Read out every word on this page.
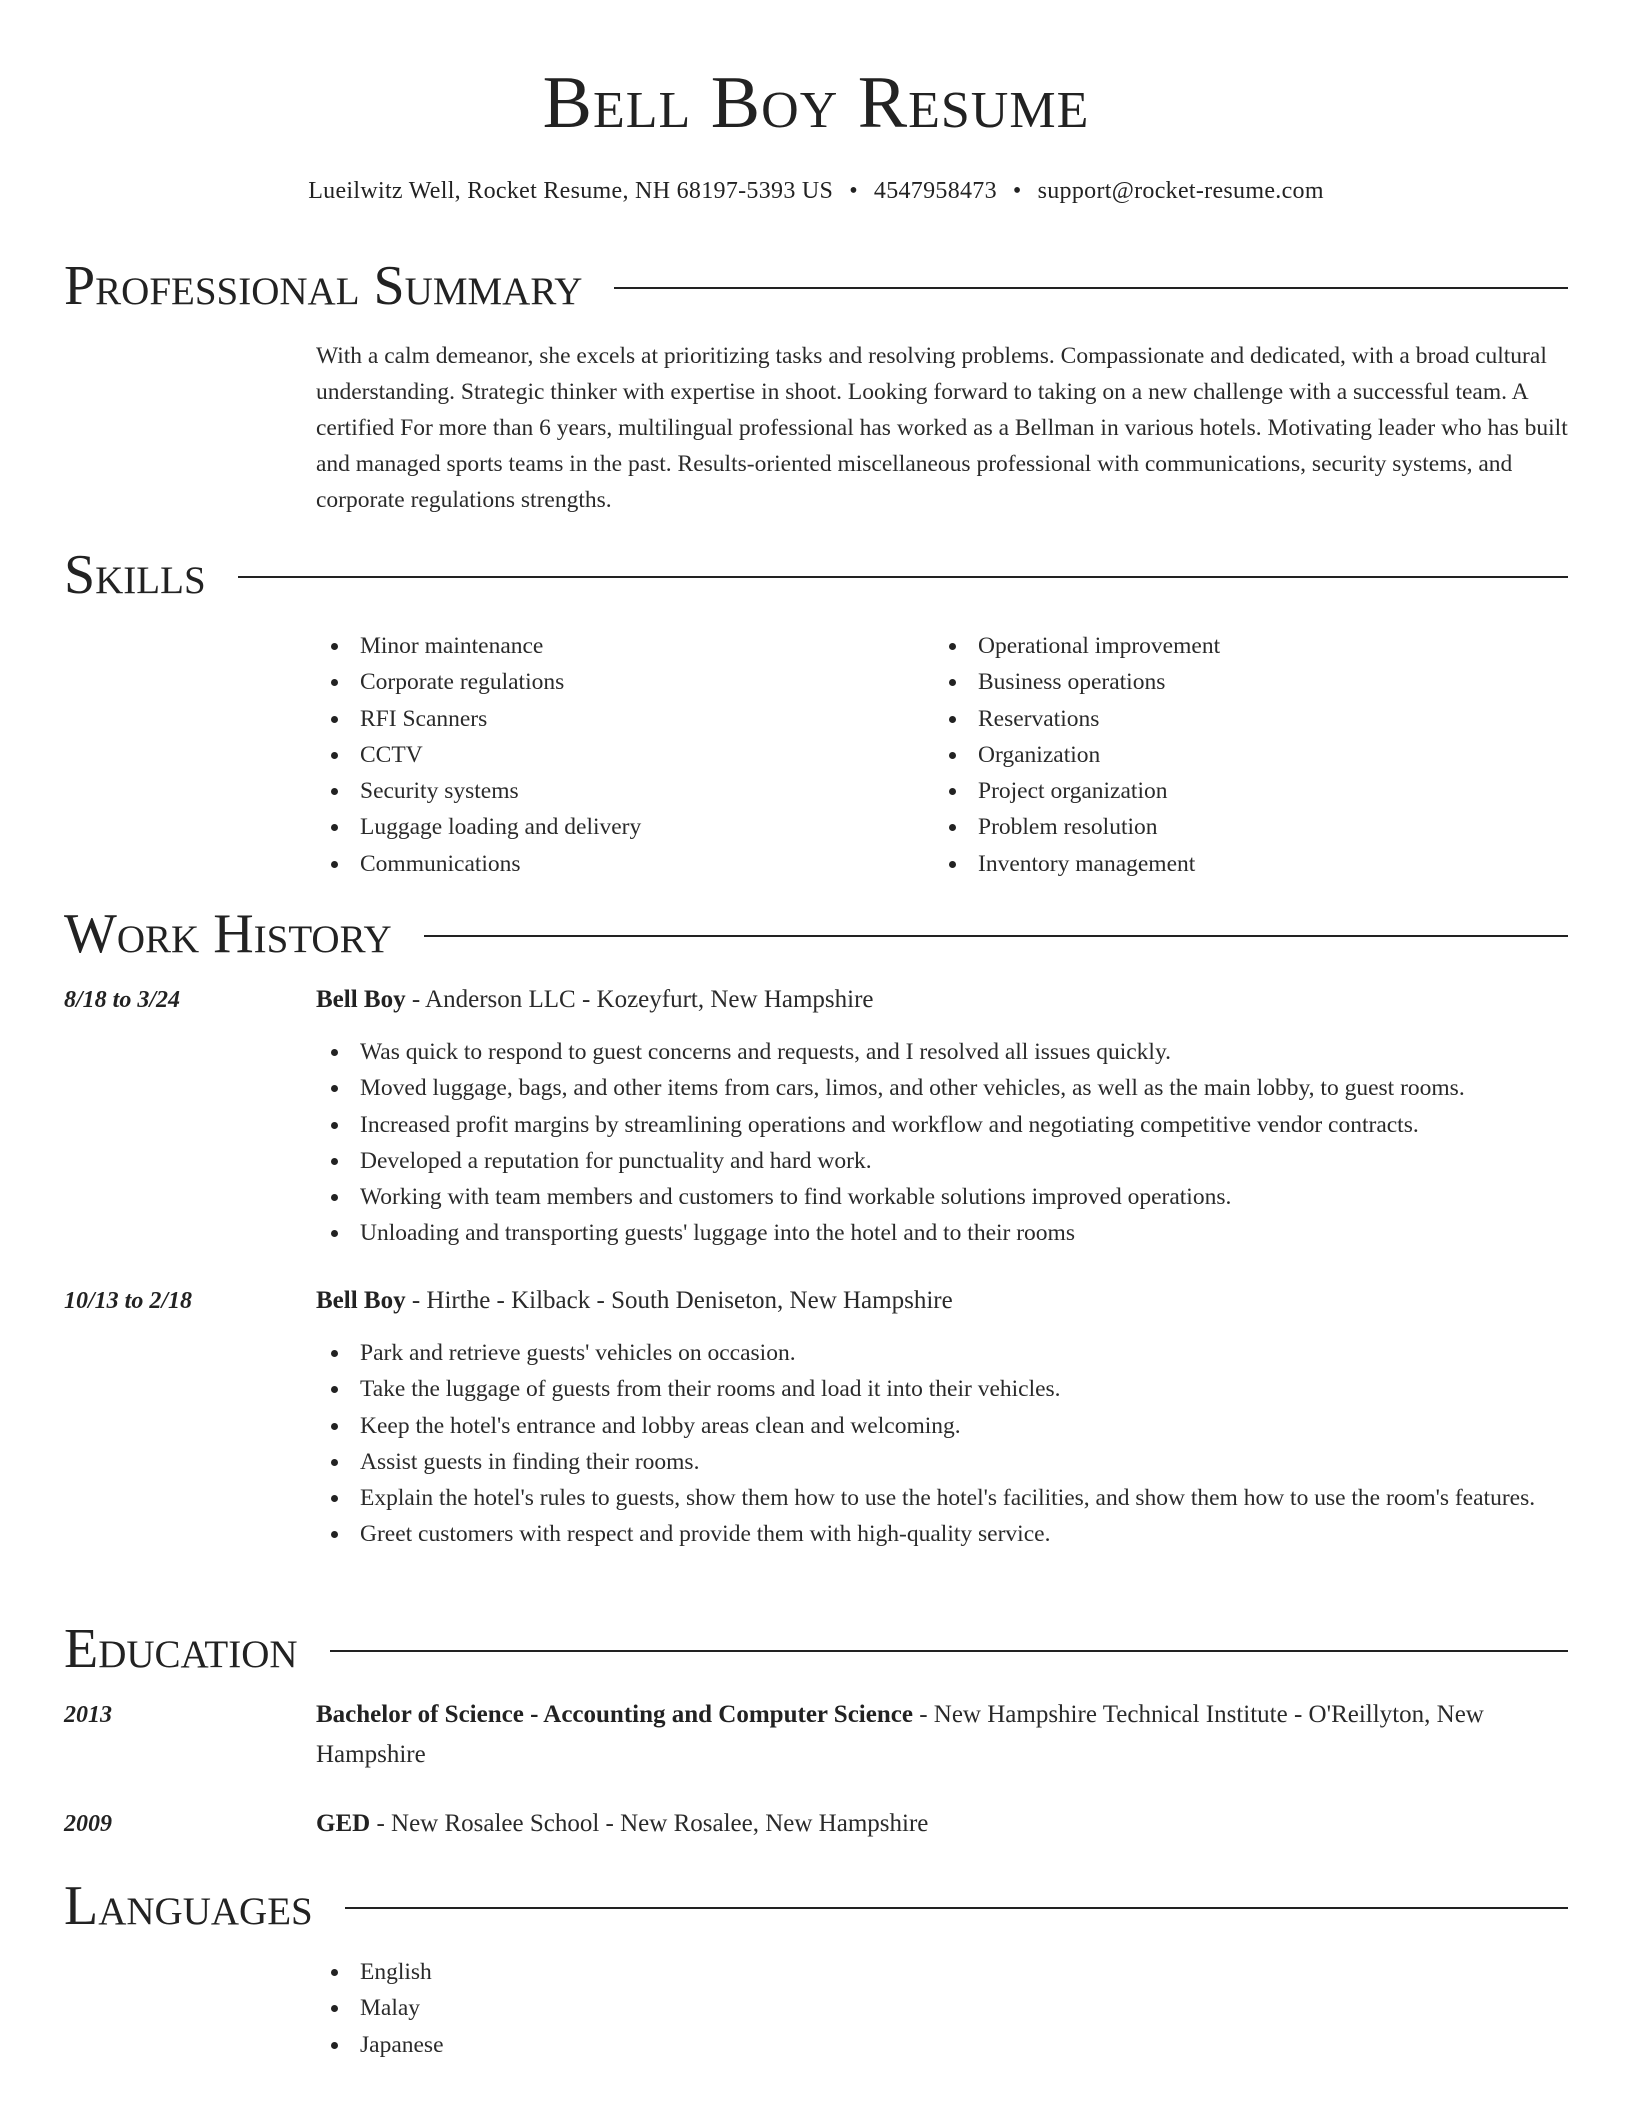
Bell Boy Resume
Lueilwitz Well, Rocket Resume, NH 68197-5393 US • 4547958473 • support@rocket-resume.com
Professional Summary
With a calm demeanor, she excels at prioritizing tasks and resolving problems. Compassionate and dedicated, with a broad cultural understanding. Strategic thinker with expertise in shoot. Looking forward to taking on a new challenge with a successful team. A certified For more than 6 years, multilingual professional has worked as a Bellman in various hotels. Motivating leader who has built and managed sports teams in the past. Results-oriented miscellaneous professional with communications, security systems, and corporate regulations strengths.
Skills
Minor maintenance
Corporate regulations
RFI Scanners
CCTV
Security systems
Luggage loading and delivery
Communications
Operational improvement
Business operations
Reservations
Organization
Project organization
Problem resolution
Inventory management
Work History
8/18 to 3/24	Bell Boy - Anderson LLC - Kozeyfurt, New Hampshire
Was quick to respond to guest concerns and requests, and I resolved all issues quickly.
Moved luggage, bags, and other items from cars, limos, and other vehicles, as well as the main lobby, to guest rooms.
Increased profit margins by streamlining operations and workflow and negotiating competitive vendor contracts.
Developed a reputation for punctuality and hard work.
Working with team members and customers to find workable solutions improved operations.
Unloading and transporting guests' luggage into the hotel and to their rooms
10/13 to 2/18	Bell Boy - Hirthe - Kilback - South Deniseton, New Hampshire
Park and retrieve guests' vehicles on occasion.
Take the luggage of guests from their rooms and load it into their vehicles.
Keep the hotel's entrance and lobby areas clean and welcoming.
Assist guests in finding their rooms.
Explain the hotel's rules to guests, show them how to use the hotel's facilities, and show them how to use the room's features.
Greet customers with respect and provide them with high-quality service.
Education
2013	Bachelor of Science - Accounting and Computer Science - New Hampshire Technical Institute - O'Reillyton, New Hampshire
2009	GED - New Rosalee School - New Rosalee, New Hampshire
Languages
English
Malay
Japanese
